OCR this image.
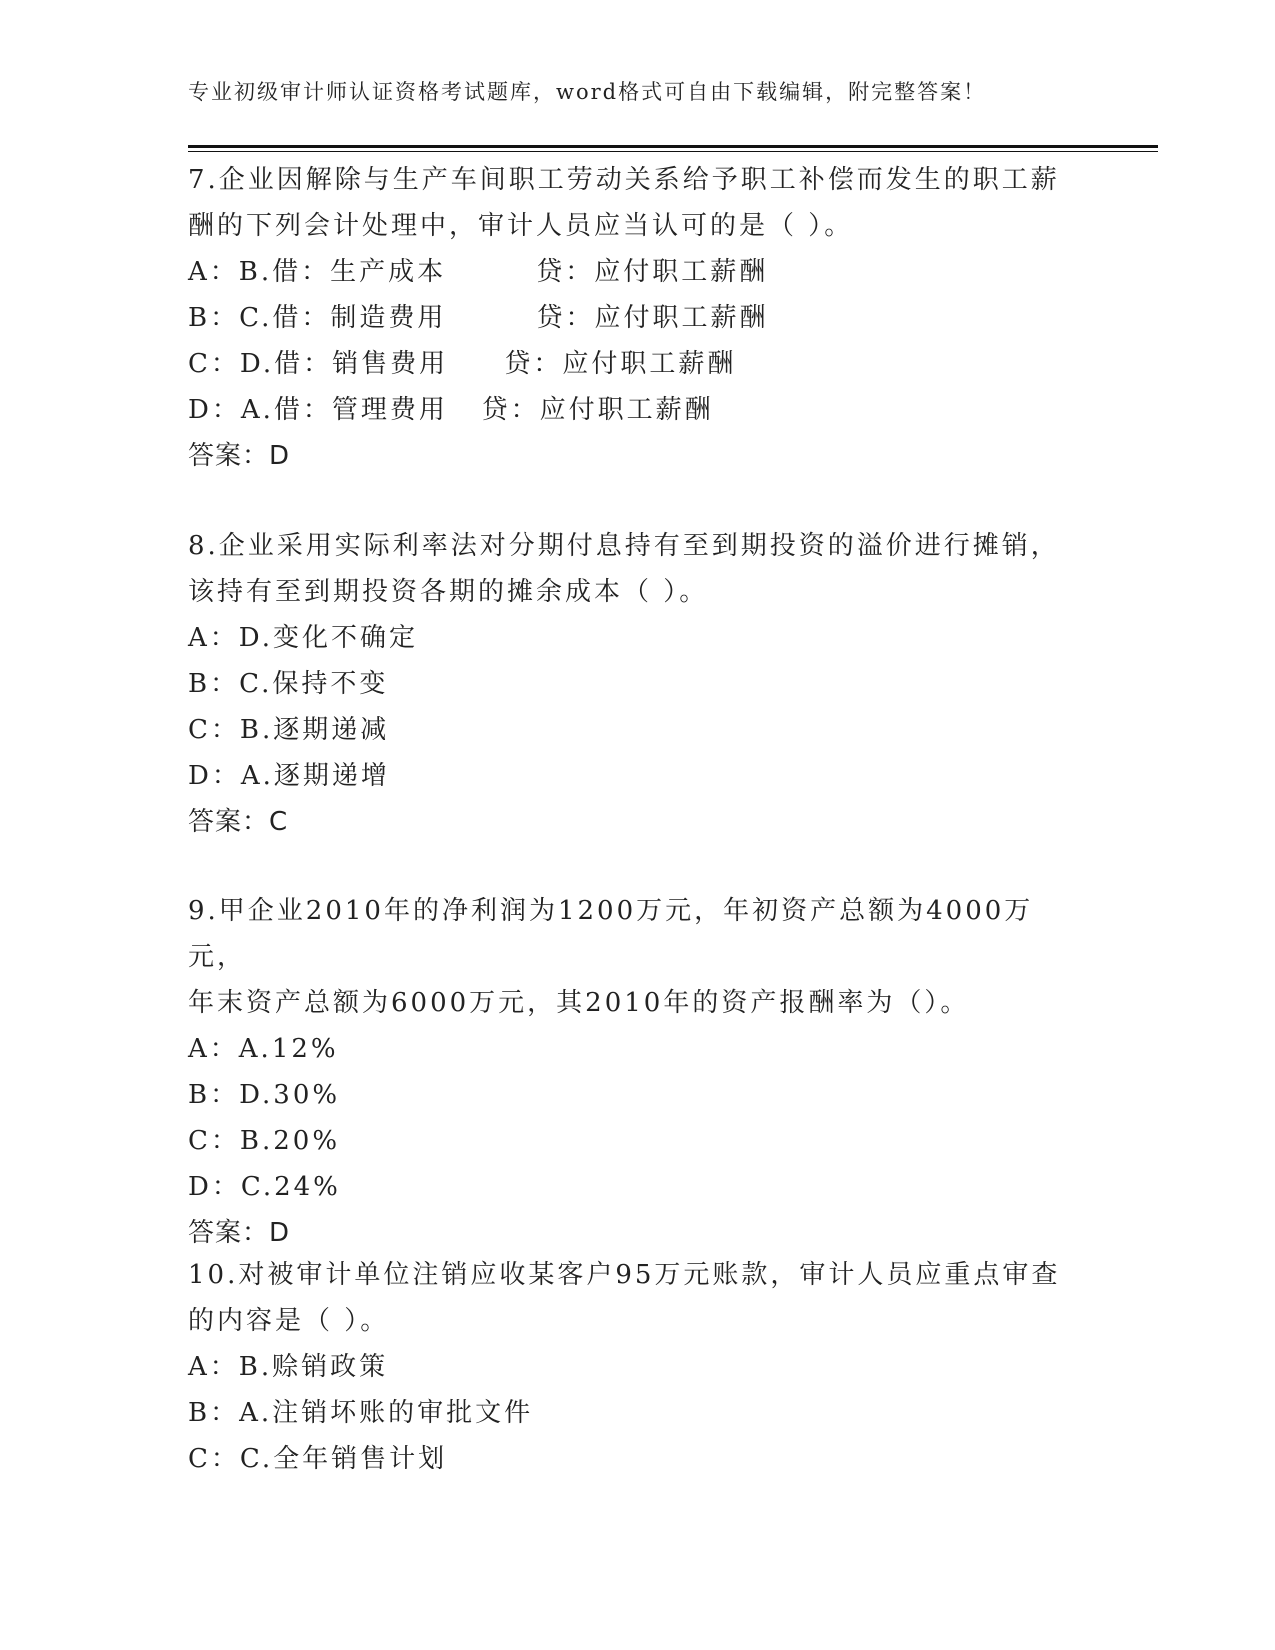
专业初级审计师认证资格考试题库，word格式可自由下载编辑，附完整答案！

7.企业因解除与生产车间职工劳动关系给予职工补偿而发生的职工薪

酬的下列会计处理中，审计人员应当认可的是（ ）。

A：B.借：生产成本        贷：应付职工薪酬

B：C.借：制造费用        贷：应付职工薪酬

C：D.借：销售费用     贷：应付职工薪酬

D：A.借：管理费用   贷：应付职工薪酬

答案：D

8.企业采用实际利率法对分期付息持有至到期投资的溢价进行摊销，

该持有至到期投资各期的摊余成本（ ）。

A：D.变化不确定

B：C.保持不变

C：B.逐期递减

D：A.逐期递增

答案：C

9.甲企业2010年的净利润为1200万元，年初资产总额为4000万元，

年末资产总额为6000万元，其2010年的资产报酬率为（）。

A：A.12%

B：D.30%

C：B.20%

D：C.24%

答案：D

10.对被审计单位注销应收某客户95万元账款，审计人员应重点审查

的内容是（ ）。

A：B.赊销政策

B：A.注销坏账的审批文件

C：C.全年销售计划
